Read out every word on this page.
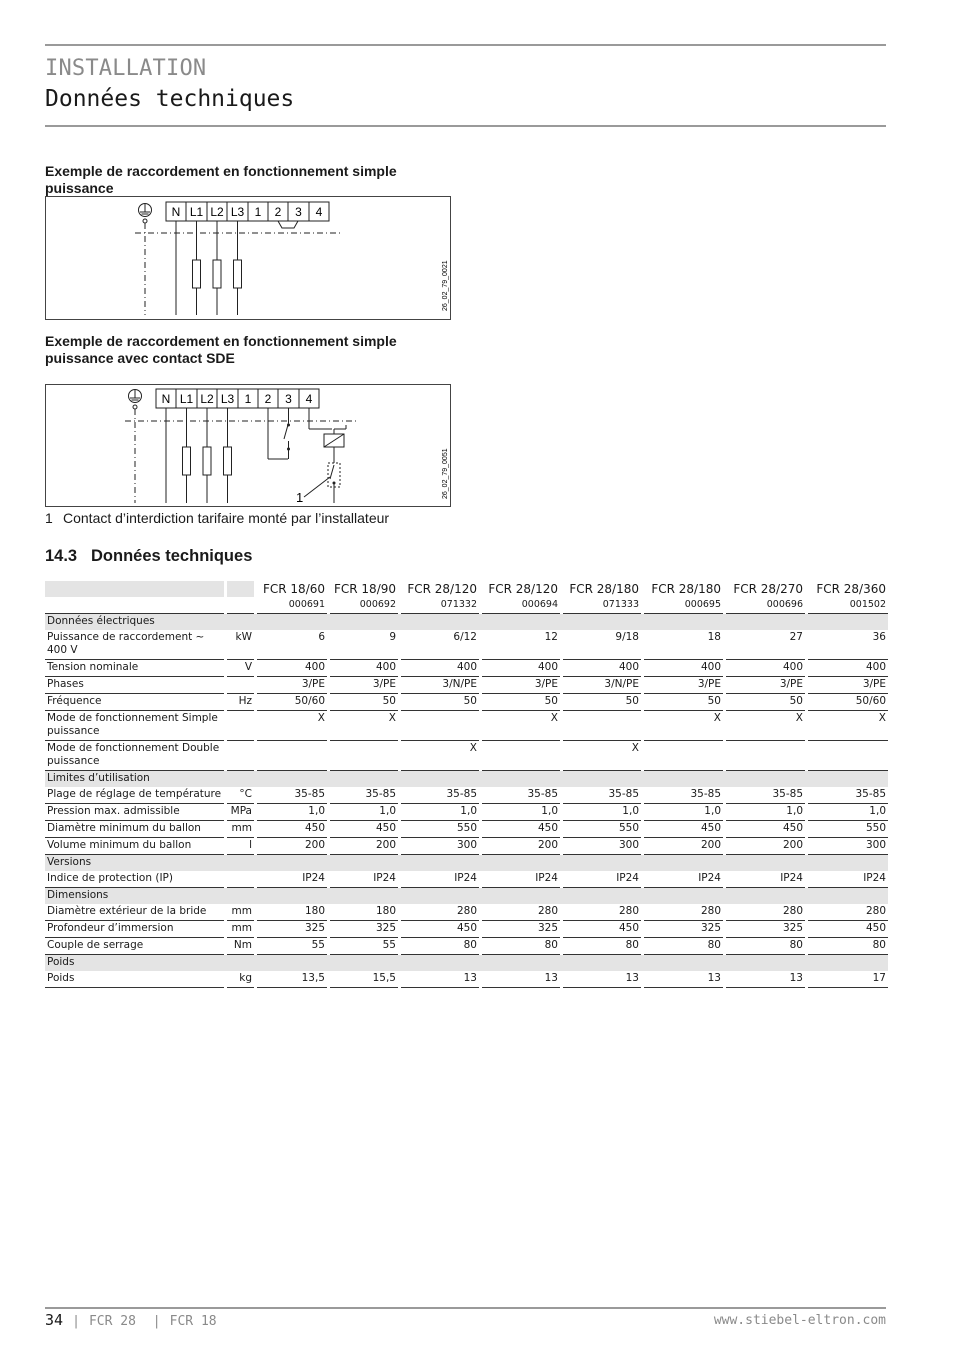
INSTALLATION
Données techniques
Exemple de raccordement en fonctionnement simple puissance
N L1 L2 L3 1 2 3 4
26_02_79_0021
Exemple de raccordement en fonctionnement simple puissance avec contact SDE
N L1 L2 L3 1 2 3 4
1	26_02_79_0051
1 Contact d’interdiction tarifaire monté par l’installateur
14.3 Données techniques
		FCR 18/60	FCR 18/90	FCR 28/120	FCR 28/120	FCR 28/180	FCR 28/180	FCR 28/270	FCR 28/360
		000691	000692	071332	000694	071333	000695	000696	001502
Données électriques									
Puissance de raccordement ~ 400 V	kW	6	9	6/12	12	9/18	18	27	36
Tension nominale	V	400	400	400	400	400	400	400	400
Phases		3/PE	3/PE	3/N/PE	3/PE	3/N/PE	3/PE	3/PE	3/PE
Fréquence	Hz	50/60	50	50	50	50	50	50	50/60
Mode de fonctionnement Simple puissance		X	X		X		X	X	X
Mode de fonctionnement Double puissance				X		X			
Limites d’utilisation									
Plage de réglage de température	°C	35-85	35-85	35-85	35-85	35-85	35-85	35-85	35-85
Pression max. admissible	MPa	1,0	1,0	1,0	1,0	1,0	1,0	1,0	1,0
Diamètre minimum du ballon	mm	450	450	550	450	550	450	450	550
Volume minimum du ballon	l	200	200	300	200	300	200	200	300
Versions									
Indice de protection (IP)		IP24	IP24	IP24	IP24	IP24	IP24	IP24	IP24
Dimensions									
Diamètre extérieur de la bride	mm	180	180	280	280	280	280	280	280
Profondeur d’immersion	mm	325	325	450	325	450	325	325	450
Couple de serrage	Nm	55	55	80	80	80	80	80	80
Poids									
Poids	kg	13,5	15,5	13	13	13	13	13	17
34 | FCR 28 | FCR 18	www.stiebel-eltron.com
